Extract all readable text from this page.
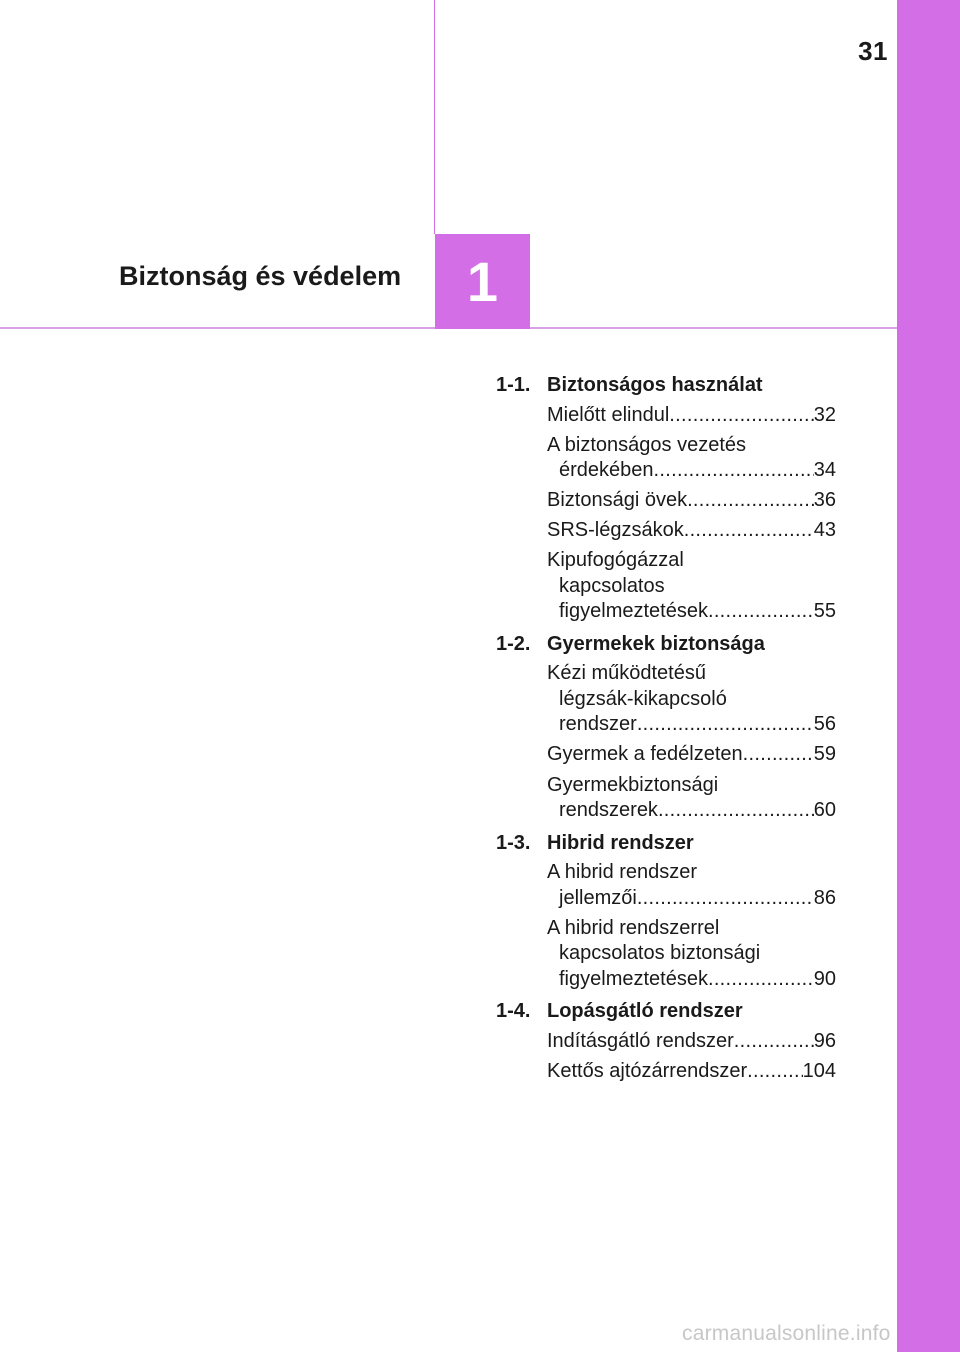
31
Biztonság és védelem 1
1-1. Biztonságos használat
Mielőtt elindul .....	32
A biztonságos vezetés
érdekében .....	34
Biztonsági övek .....	36
SRS-légzsákok .....	43
Kipufogógázzal
kapcsolatos
figyelmeztetések .....	55
1-2. Gyermekek biztonsága
Kézi működtetésű
légzsák-kikapcsoló
rendszer .....	56
Gyermek a fedélzeten .....	59
Gyermekbiztonsági
rendszerek .....	60
1-3. Hibrid rendszer
A hibrid rendszer
jellemzői .....	86
A hibrid rendszerrel
kapcsolatos biztonsági
figyelmeztetések .....	90
1-4. Lopásgátló rendszer
Indításgátló rendszer .....	96
Kettős ajtózárrendszer .....	104
carmanualsonline.info
